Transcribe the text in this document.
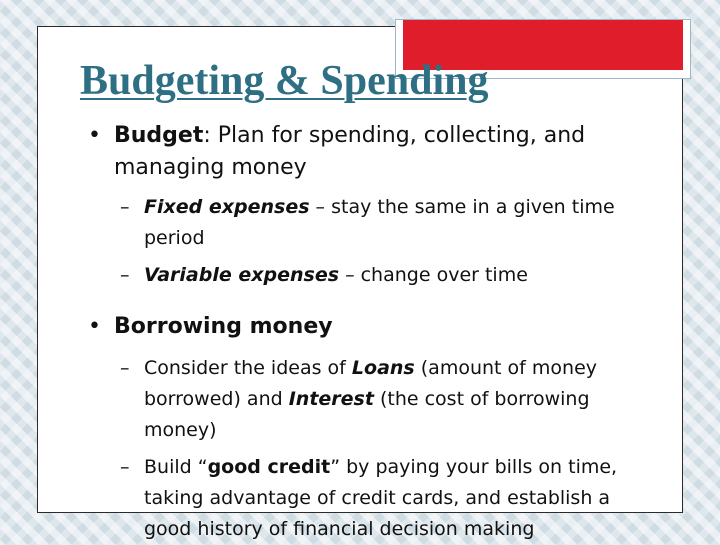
Budgeting & Spending

• Budget: Plan for spending, collecting, and managing money

– Fixed expenses – stay the same in a given time period

– Variable expenses – change over time

• Borrowing money

– Consider the ideas of Loans (amount of money borrowed) and Interest (the cost of borrowing money)

– Build “good credit” by paying your bills on time, taking advantage of credit cards, and establish a good history of financial decision making
